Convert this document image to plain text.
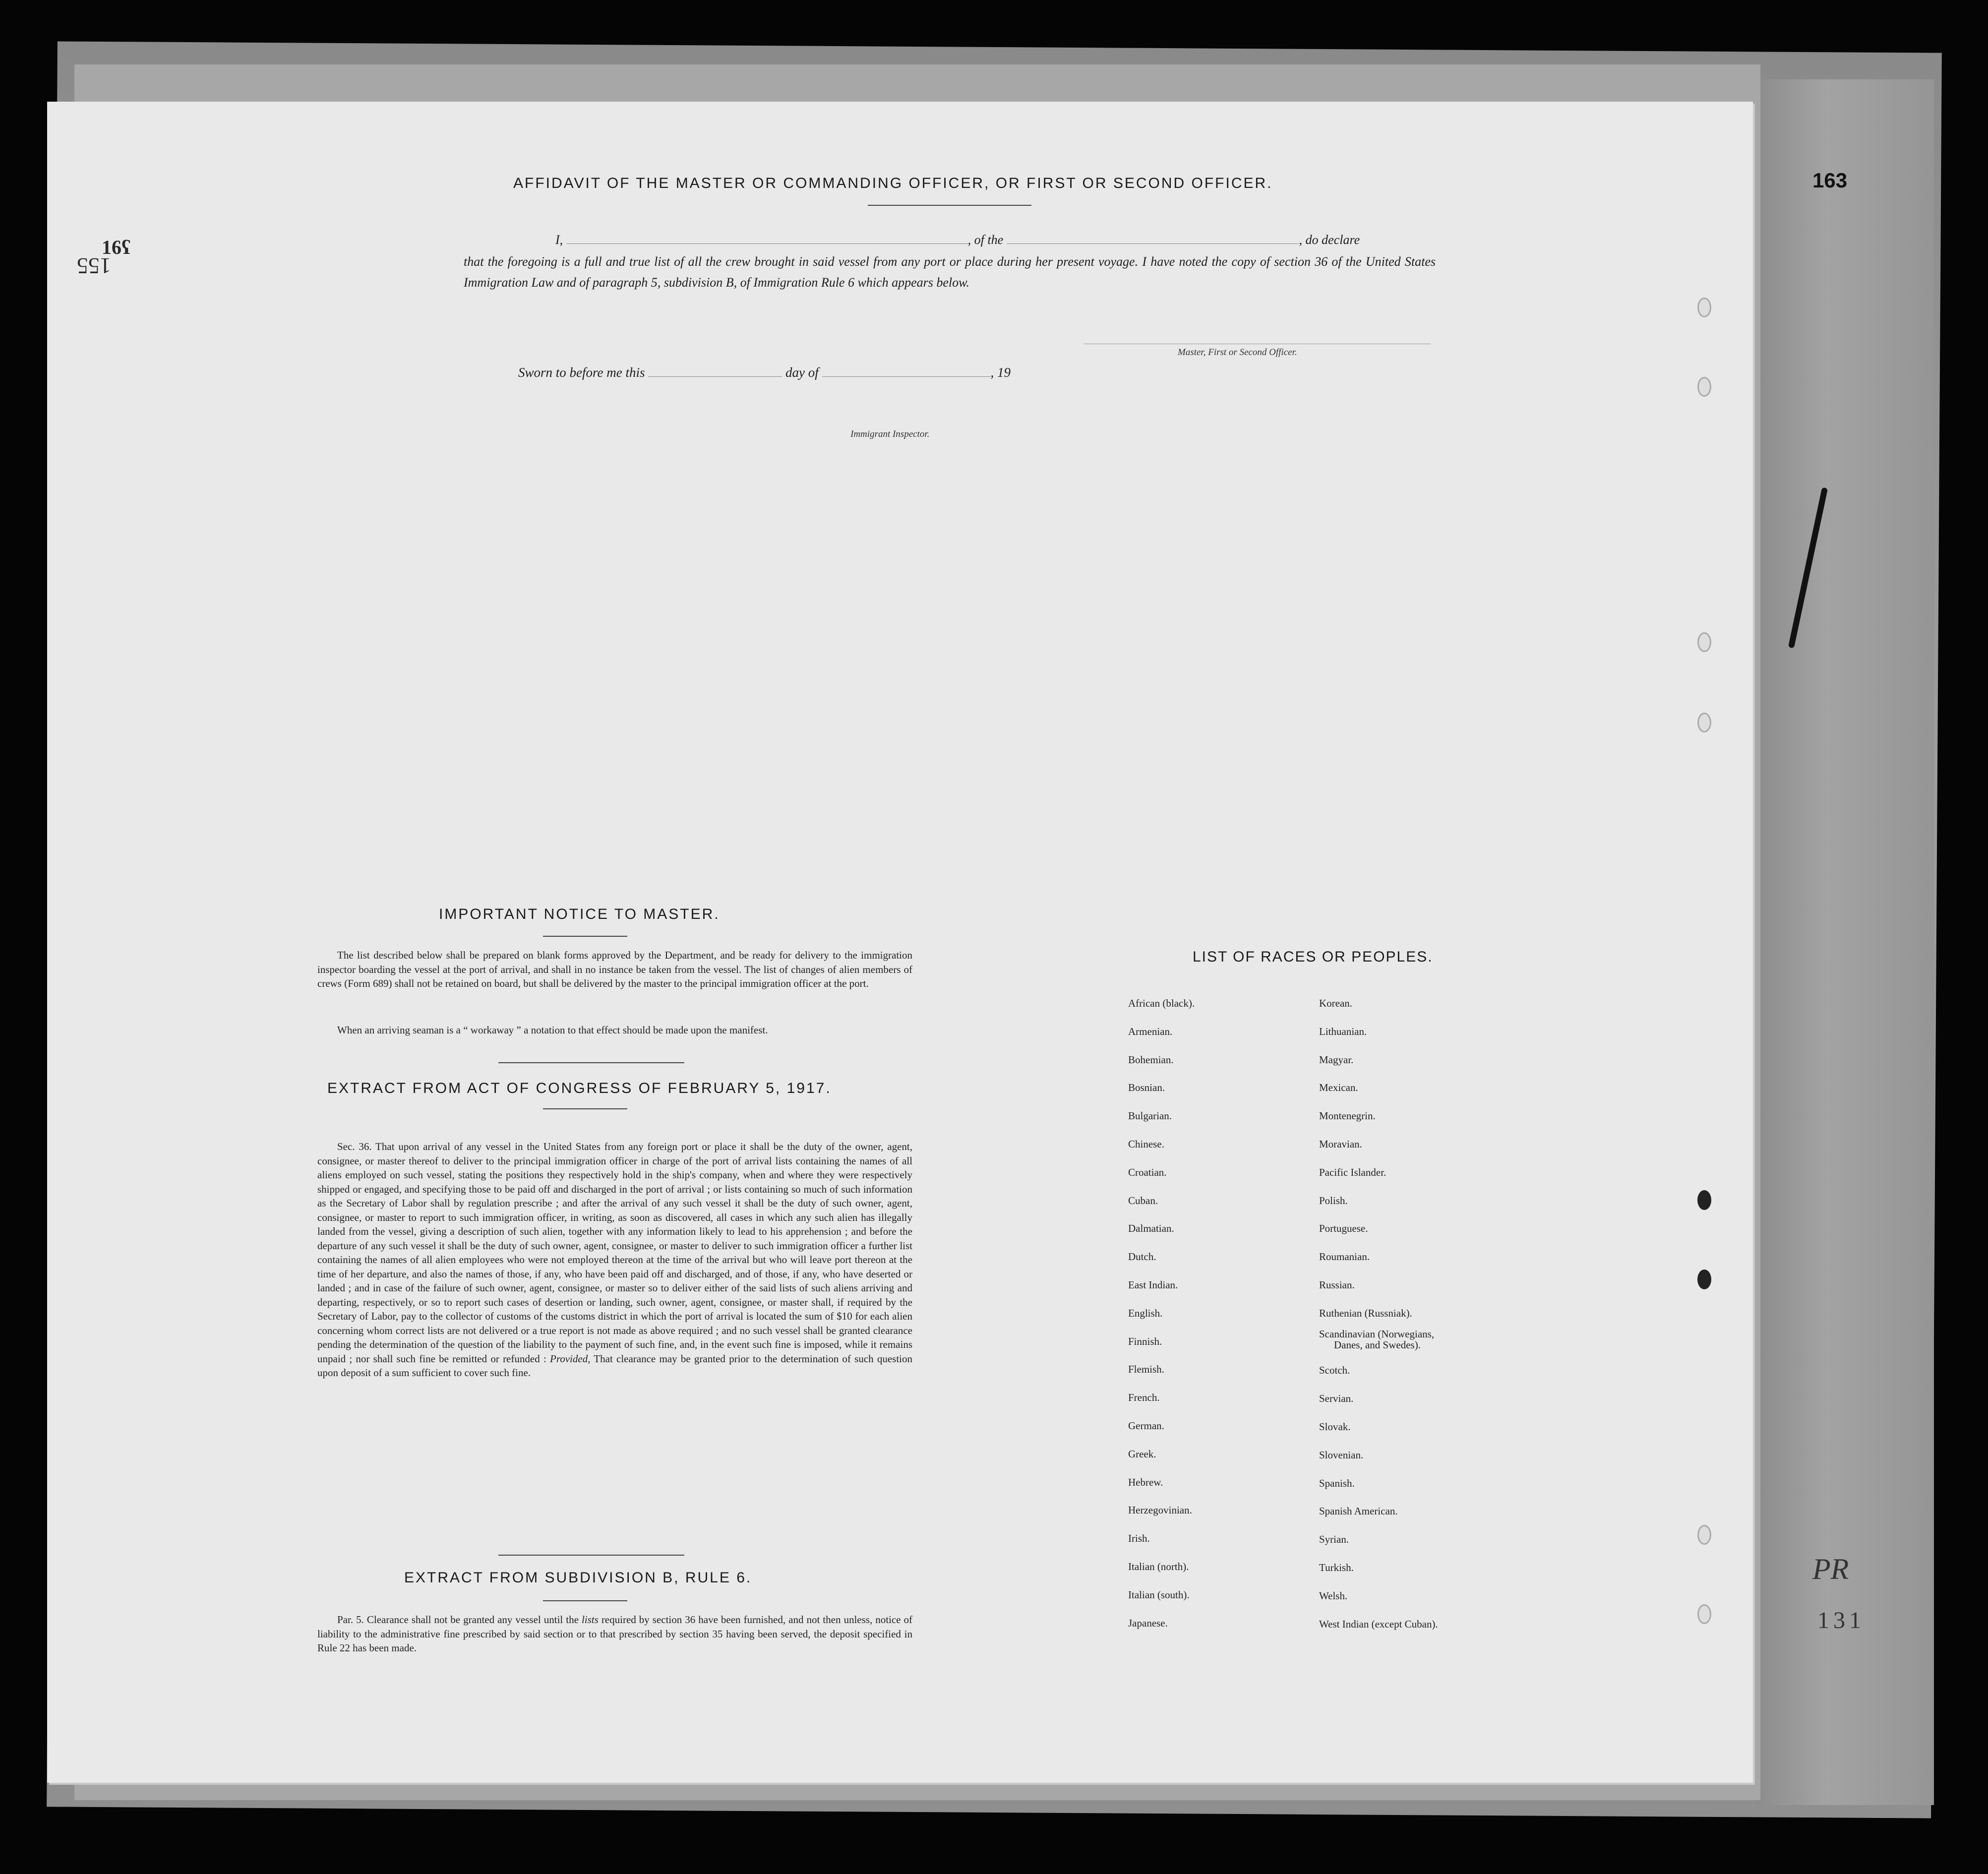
163
PR
131
16ʕ
155
AFFIDAVIT OF THE MASTER OR COMMANDING OFFICER, OR FIRST OR SECOND OFFICER.
I,	, of the	, do declare
that the foregoing is a full and true list of all the crew brought in said vessel from any port or place during her present voyage. I have noted the copy of section 36 of the United States Immigration Law and of paragraph 5, subdivision B, of Immigration Rule 6 which appears below.
Master, First or Second Officer.
Sworn to before me this	day of	, 19
Immigrant Inspector.
IMPORTANT NOTICE TO MASTER.
The list described below shall be prepared on blank forms approved by the Department, and be ready for delivery to the immigration inspector boarding the vessel at the port of arrival, and shall in no instance be taken from the vessel. The list of changes of alien members of crews (Form 689) shall not be retained on board, but shall be delivered by the master to the principal immigration officer at the port.
When an arriving seaman is a “ workaway ” a notation to that effect should be made upon the manifest.
EXTRACT FROM ACT OF CONGRESS OF FEBRUARY 5, 1917.
Sec. 36. That upon arrival of any vessel in the United States from any foreign port or place it shall be the duty of the owner, agent, consignee, or master thereof to deliver to the principal immigration officer in charge of the port of arrival lists containing the names of all aliens employed on such vessel, stating the positions they respectively hold in the ship's company, when and where they were respectively shipped or engaged, and specifying those to be paid off and discharged in the port of arrival ; or lists containing so much of such information as the Secretary of Labor shall by regulation prescribe ; and after the arrival of any such vessel it shall be the duty of such owner, agent, consignee, or master to report to such immigration officer, in writing, as soon as discovered, all cases in which any such alien has illegally landed from the vessel, giving a description of such alien, together with any information likely to lead to his apprehension ; and before the departure of any such vessel it shall be the duty of such owner, agent, consignee, or master to deliver to such immigration officer a further list containing the names of all alien employees who were not employed thereon at the time of the arrival but who will leave port thereon at the time of her departure, and also the names of those, if any, who have been paid off and discharged, and of those, if any, who have deserted or landed ; and in case of the failure of such owner, agent, consignee, or master so to deliver either of the said lists of such aliens arriving and departing, respectively, or so to report such cases of desertion or landing, such owner, agent, consignee, or master shall, if required by the Secretary of Labor, pay to the collector of customs of the customs district in which the port of arrival is located the sum of $10 for each alien concerning whom correct lists are not delivered or a true report is not made as above required ; and no such vessel shall be granted clearance pending the determination of the question of the liability to the payment of such fine, and, in the event such fine is imposed, while it remains unpaid ; nor shall such fine be remitted or refunded : Provided, That clearance may be granted prior to the determination of such question upon deposit of a sum sufficient to cover such fine.
EXTRACT FROM SUBDIVISION B, RULE 6.
Par. 5. Clearance shall not be granted any vessel until the lists required by section 36 have been furnished, and not then unless, notice of liability to the administrative fine prescribed by said section or to that prescribed by section 35 having been served, the deposit specified in Rule 22 has been made.
LIST OF RACES OR PEOPLES.
African (black).
Armenian.
Bohemian.
Bosnian.
Bulgarian.
Chinese.
Croatian.
Cuban.
Dalmatian.
Dutch.
East Indian.
English.
Finnish.
Flemish.
French.
German.
Greek.
Hebrew.
Herzegovinian.
Irish.
Italian (north).
Italian (south).
Japanese.
Korean.
Lithuanian.
Magyar.
Mexican.
Montenegrin.
Moravian.
Pacific Islander.
Polish.
Portuguese.
Roumanian.
Russian.
Ruthenian (Russniak).
Scandinavian (Norwegians,
Danes, and Swedes).
Scotch.
Servian.
Slovak.
Slovenian.
Spanish.
Spanish American.
Syrian.
Turkish.
Welsh.
West Indian (except Cuban).
